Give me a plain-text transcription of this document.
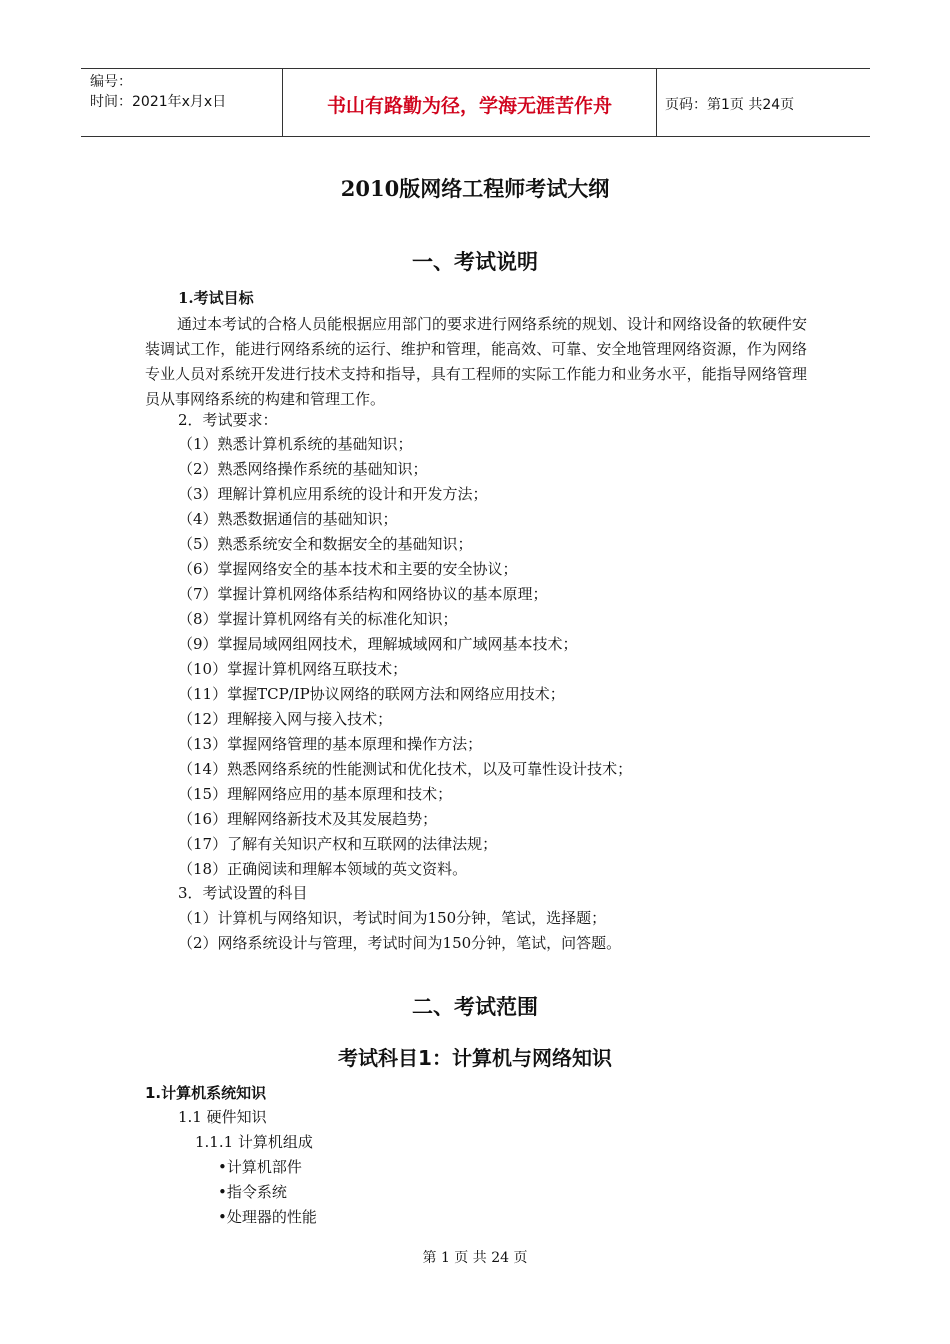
编号：
时间：2021年x月x日	书山有路勤为径，学海无涯苦作舟	页码：第1页 共24页
2010版网络工程师考试大纲
一、考试说明
1.考试目标
通过本考试的合格人员能根据应用部门的要求进行网络系统的规划、设计和网络设备的软硬件安装调试工作，能进行网络系统的运行、维护和管理，能高效、可靠、安全地管理网络资源，作为网络专业人员对系统开发进行技术支持和指导，具有工程师的实际工作能力和业务水平，能指导网络管理员从事网络系统的构建和管理工作。
2．考试要求：
（1）熟悉计算机系统的基础知识；
（2）熟悉网络操作系统的基础知识；
（3）理解计算机应用系统的设计和开发方法；
（4）熟悉数据通信的基础知识；
（5）熟悉系统安全和数据安全的基础知识；
（6）掌握网络安全的基本技术和主要的安全协议；
（7）掌握计算机网络体系结构和网络协议的基本原理；
（8）掌握计算机网络有关的标准化知识；
（9）掌握局域网组网技术，理解城域网和广域网基本技术；
（10）掌握计算机网络互联技术；
（11）掌握TCP/IP协议网络的联网方法和网络应用技术；
（12）理解接入网与接入技术；
（13）掌握网络管理的基本原理和操作方法；
（14）熟悉网络系统的性能测试和优化技术，以及可靠性设计技术；
（15）理解网络应用的基本原理和技术；
（16）理解网络新技术及其发展趋势；
（17）了解有关知识产权和互联网的法律法规；
（18）正确阅读和理解本领域的英文资料。
3．考试设置的科目
（1）计算机与网络知识，考试时间为150分钟，笔试，选择题；
（2）网络系统设计与管理，考试时间为150分钟，笔试，问答题。
二、考试范围
考试科目1：计算机与网络知识
1.计算机系统知识
1.1 硬件知识
1.1.1 计算机组成
•计算机部件
•指令系统
•处理器的性能
第 1 页 共 24 页
